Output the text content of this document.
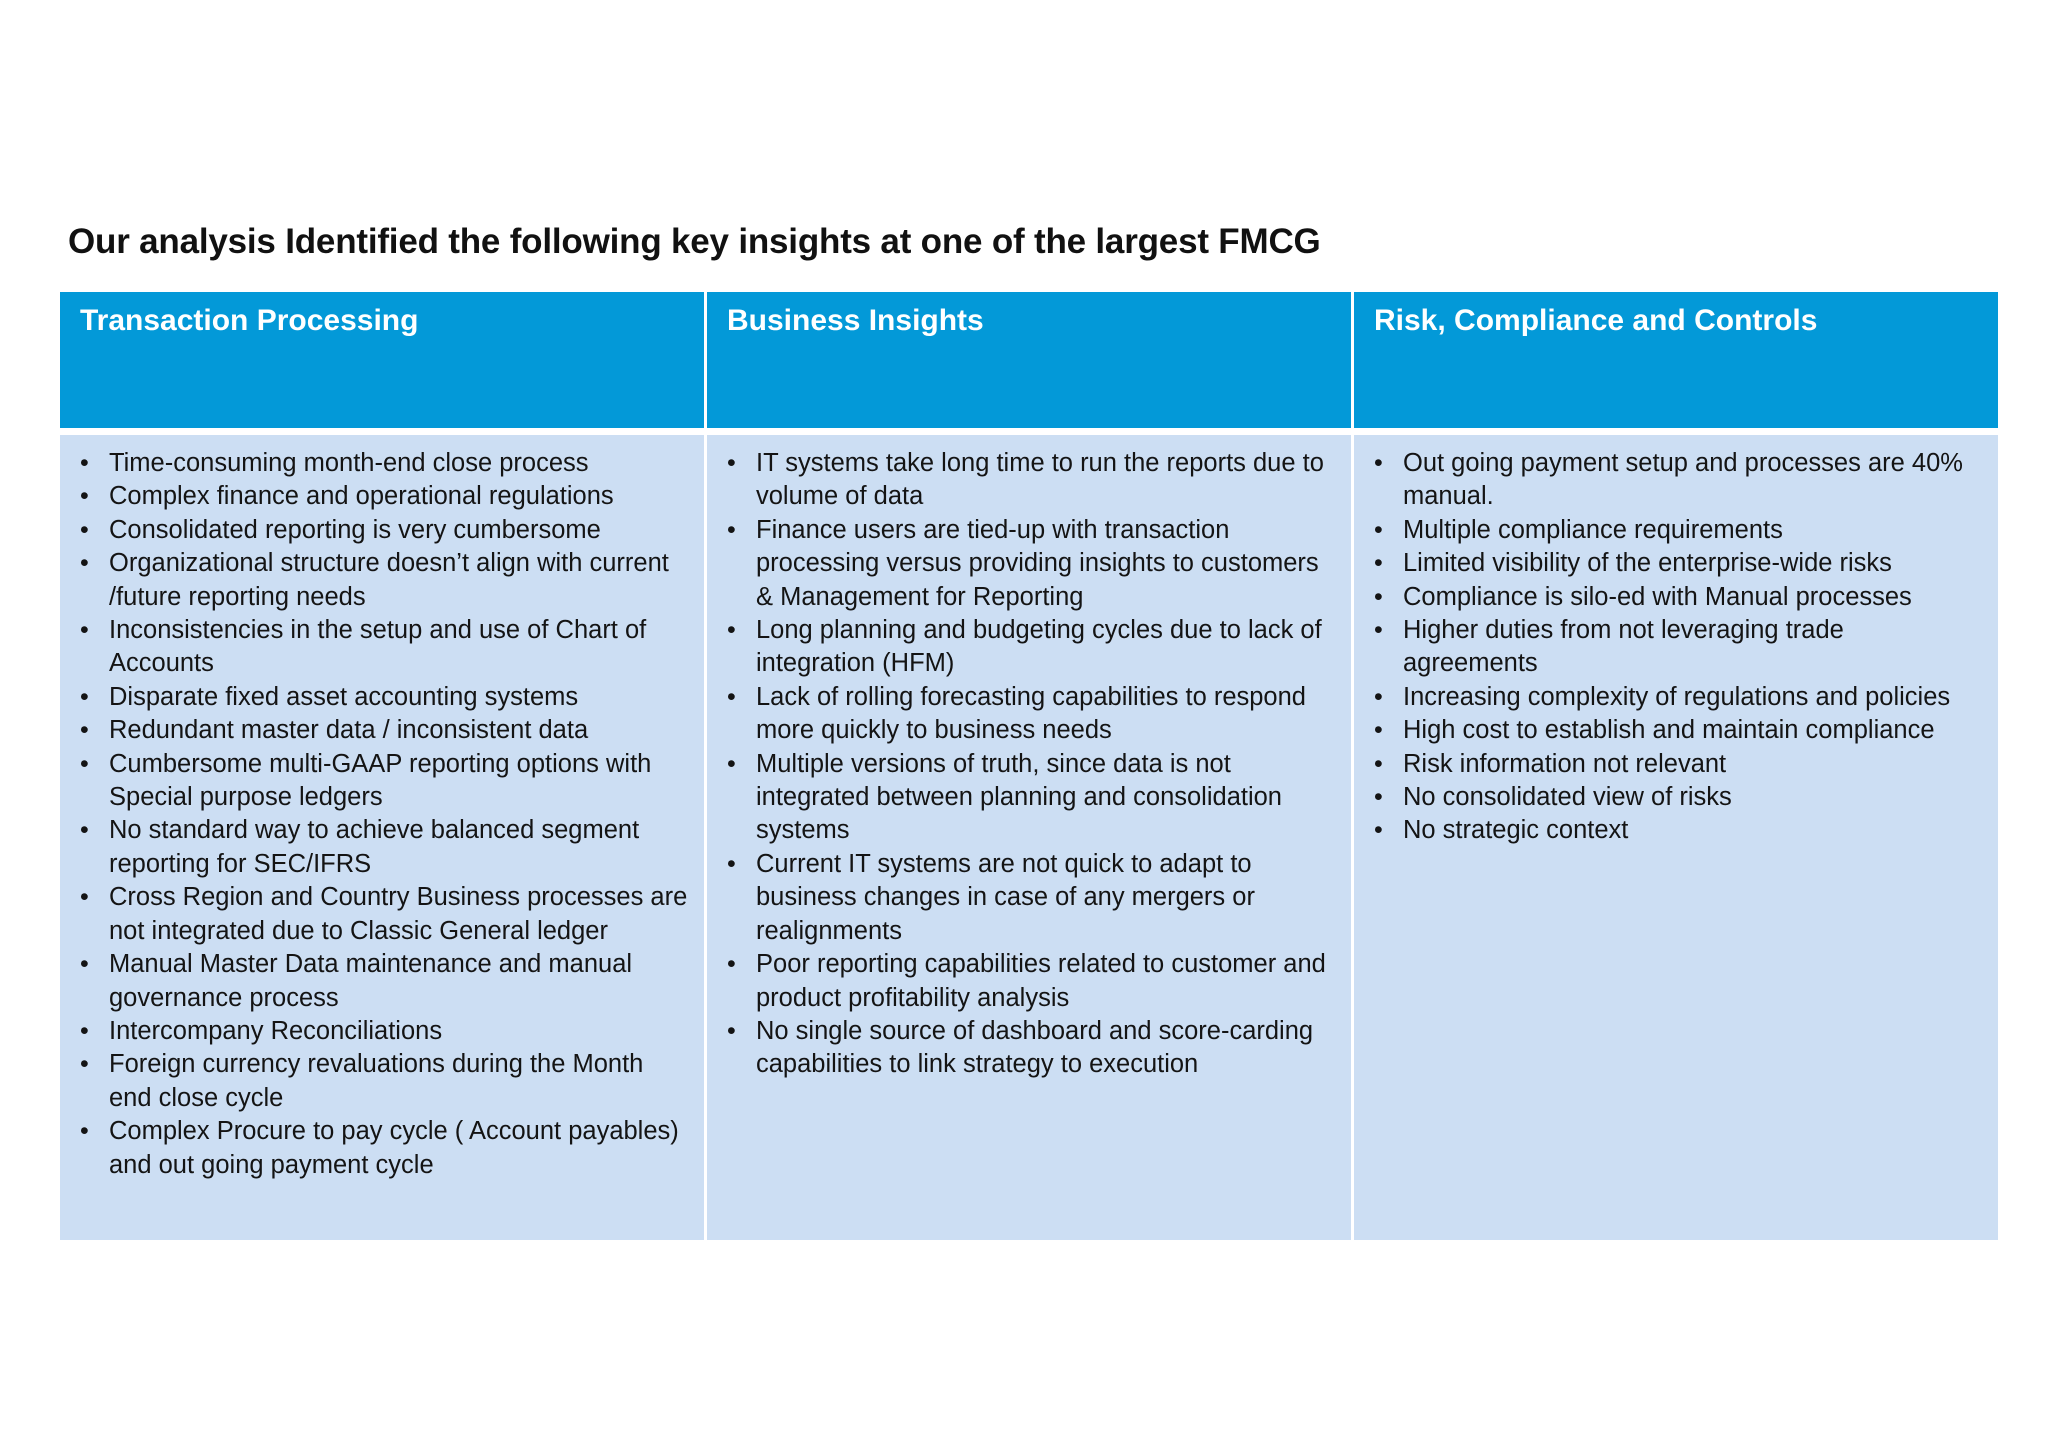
Our analysis Identified the following key insights at one of the largest FMCG
Transaction Processing	Business Insights	Risk, Compliance and Controls
• Time-consuming month-end close process
• Complex finance and operational regulations
• Consolidated reporting is very cumbersome
• Organizational structure doesn’t align with current /future reporting needs
• Inconsistencies in the setup and use of Chart of Accounts
• Disparate fixed asset accounting systems
• Redundant master data / inconsistent data
• Cumbersome multi-GAAP reporting options with Special purpose ledgers
• No standard way to achieve balanced segment reporting for SEC/IFRS
• Cross Region and Country Business processes are not integrated due to Classic General ledger
• Manual Master Data maintenance and manual governance process
• Intercompany Reconciliations
• Foreign currency revaluations during the Month end close cycle
• Complex Procure to pay cycle ( Account payables) and out going payment cycle
• IT systems take long time to run the reports due to volume of data
• Finance users are tied-up with transaction processing versus providing insights to customers & Management for Reporting
• Long planning and budgeting cycles due to lack of integration (HFM)
• Lack of rolling forecasting capabilities to respond more quickly to business needs
• Multiple versions of truth, since data is not integrated between planning and consolidation systems
• Current IT systems are not quick to adapt to business changes in case of any mergers or realignments
• Poor reporting capabilities related to customer and product profitability analysis
• No single source of dashboard and score-carding capabilities to link strategy to execution
• Out going payment setup and processes are 40% manual.
• Multiple compliance requirements
• Limited visibility of the enterprise-wide risks
• Compliance is silo-ed with Manual processes
• Higher duties from not leveraging trade agreements
• Increasing complexity of regulations and policies
• High cost to establish and maintain compliance
• Risk information not relevant
• No consolidated view of risks
• No strategic context
